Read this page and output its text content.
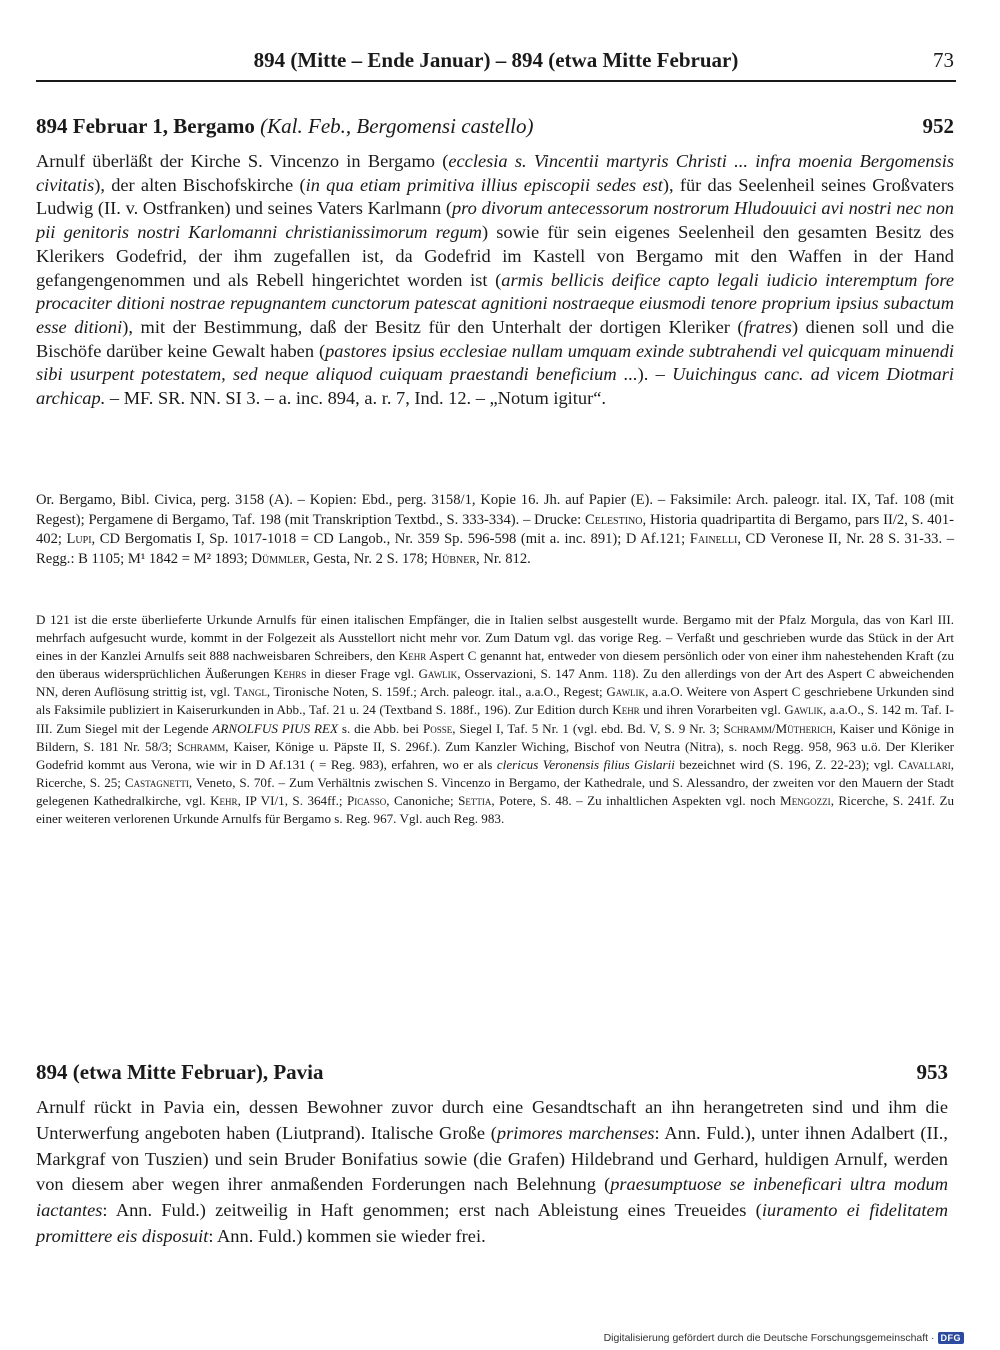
894 (Mitte – Ende Januar) – 894 (etwa Mitte Februar)	73
894 Februar 1, Bergamo (Kal. Feb., Bergomensi castello)	952

Arnulf überläßt der Kirche S. Vincenzo in Bergamo (ecclesia s. Vincentii martyris Christi ... infra moenia Bergomensis civitatis), der alten Bischofskirche (in qua etiam primitiva illius episcopii sedes est), für das Seelenheil seines Großvaters Ludwig (II. v. Ostfranken) und seines Vaters Karlmann (pro divorum antecessorum nostrorum Hludouuici avi nostri nec non pii genitoris nostri Karlomanni christianissimorum regum) sowie für sein eigenes Seelenheil den gesamten Besitz des Klerikers Godefrid, der ihm zugefallen ist, da Godefrid im Kastell von Bergamo mit den Waffen in der Hand gefangengenommen und als Rebell hingerichtet worden ist (armis bellicis deifice capto legali iudicio interemptum fore procaciter ditioni nostrae repugnantem cunctorum patescat agnitioni nostraeque eiusmodi tenore proprium ipsius subactum esse ditioni), mit der Bestimmung, daß der Besitz für den Unterhalt der dortigen Kleriker (fratres) dienen soll und die Bischöfe darüber keine Gewalt haben (pastores ipsius ecclesiae nullam umquam exinde subtrahendi vel quicquam minuendi sibi usurpent potestatem, sed neque aliquod cuiquam praestandi beneficium ...). – Uuichingus canc. ad vicem Diotmari archicap. – MF. SR. NN. SI 3. – a. inc. 894, a. r. 7, Ind. 12. – „Notum igitur“.

Or. Bergamo, Bibl. Civica, perg. 3158 (A). – Kopien: Ebd., perg. 3158/1, Kopie 16. Jh. auf Papier (E). – Faksimile: Arch. paleogr. ital. IX, Taf. 108 (mit Regest); Pergamene di Bergamo, Taf. 198 (mit Transkription Textbd., S. 333-334). – Drucke: Celestino, Historia quadripartita di Bergamo, pars II/2, S. 401-402; Lupi, CD Bergomatis I, Sp. 1017-1018 = CD Langob., Nr. 359 Sp. 596-598 (mit a. inc. 891); D Af.121; Fainelli, CD Veronese II, Nr. 28 S. 31-33. – Regg.: B 1105; M¹ 1842 = M² 1893; Dümmler, Gesta, Nr. 2 S. 178; Hübner, Nr. 812.

D 121 ist die erste überlieferte Urkunde Arnulfs für einen italischen Empfänger, die in Italien selbst ausgestellt wurde. Bergamo mit der Pfalz Morgula, das von Karl III. mehrfach aufgesucht wurde, kommt in der Folgezeit als Ausstellort nicht mehr vor. Zum Datum vgl. das vorige Reg. – Verfaßt und geschrieben wurde das Stück in der Art eines in der Kanzlei Arnulfs seit 888 nachweisbaren Schreibers, den Kehr Aspert C genannt hat, entweder von diesem persönlich oder von einer ihm nahestehenden Kraft (zu den überaus widersprüchlichen Äußerungen Kehrs in dieser Frage vgl. Gawlik, Osservazioni, S. 147 Anm. 118). Zu den allerdings von der Art des Aspert C abweichenden NN, deren Auflösung strittig ist, vgl. Tangl, Tironische Noten, S. 159f.; Arch. paleogr. ital., a.a.O., Regest; Gawlik, a.a.O. Weitere von Aspert C geschriebene Urkunden sind als Faksimile publiziert in Kaiserurkunden in Abb., Taf. 21 u. 24 (Textband S. 188f., 196). Zur Edition durch Kehr und ihren Vorarbeiten vgl. Gawlik, a.a.O., S. 142 m. Taf. I-III. Zum Siegel mit der Legende ARNOLFUS PIUS REX s. die Abb. bei Posse, Siegel I, Taf. 5 Nr. 1 (vgl. ebd. Bd. V, S. 9 Nr. 3; Schramm/Mütherich, Kaiser und Könige in Bildern, S. 181 Nr. 58/3; Schramm, Kaiser, Könige u. Päpste II, S. 296f.). Zum Kanzler Wiching, Bischof von Neutra (Nitra), s. noch Regg. 958, 963 u.ö. Der Kleriker Godefrid kommt aus Verona, wie wir in D Af.131 ( = Reg. 983), erfahren, wo er als clericus Veronensis filius Gislarii bezeichnet wird (S. 196, Z. 22-23); vgl. Cavallari, Ricerche, S. 25; Castagnetti, Veneto, S. 70f. – Zum Verhältnis zwischen S. Vincenzo in Bergamo, der Kathedrale, und S. Alessandro, der zweiten vor den Mauern der Stadt gelegenen Kathedralkirche, vgl. Kehr, IP VI/1, S. 364ff.; Picasso, Canoniche; Settia, Potere, S. 48. – Zu inhaltlichen Aspekten vgl. noch Mengozzi, Ricerche, S. 241f. Zu einer weiteren verlorenen Urkunde Arnulfs für Bergamo s. Reg. 967. Vgl. auch Reg. 983.

894 (etwa Mitte Februar), Pavia	953

Arnulf rückt in Pavia ein, dessen Bewohner zuvor durch eine Gesandtschaft an ihn herangetreten sind und ihm die Unterwerfung angeboten haben (Liutprand). Italische Große (primores marchenses: Ann. Fuld.), unter ihnen Adalbert (II., Markgraf von Tuszien) und sein Bruder Bonifatius sowie (die Grafen) Hildebrand und Gerhard, huldigen Arnulf, werden von diesem aber wegen ihrer anmaßenden Forderungen nach Belehnung (praesumptuose se inbeneficari ultra modum iactantes: Ann. Fuld.) zeitweilig in Haft genommen; erst nach Ableistung eines Treueides (iuramento ei fidelitatem promittere eis disposuit: Ann. Fuld.) kommen sie wieder frei.

Digitalisierung gefördert durch die Deutsche Forschungsgemeinschaft · DFG
